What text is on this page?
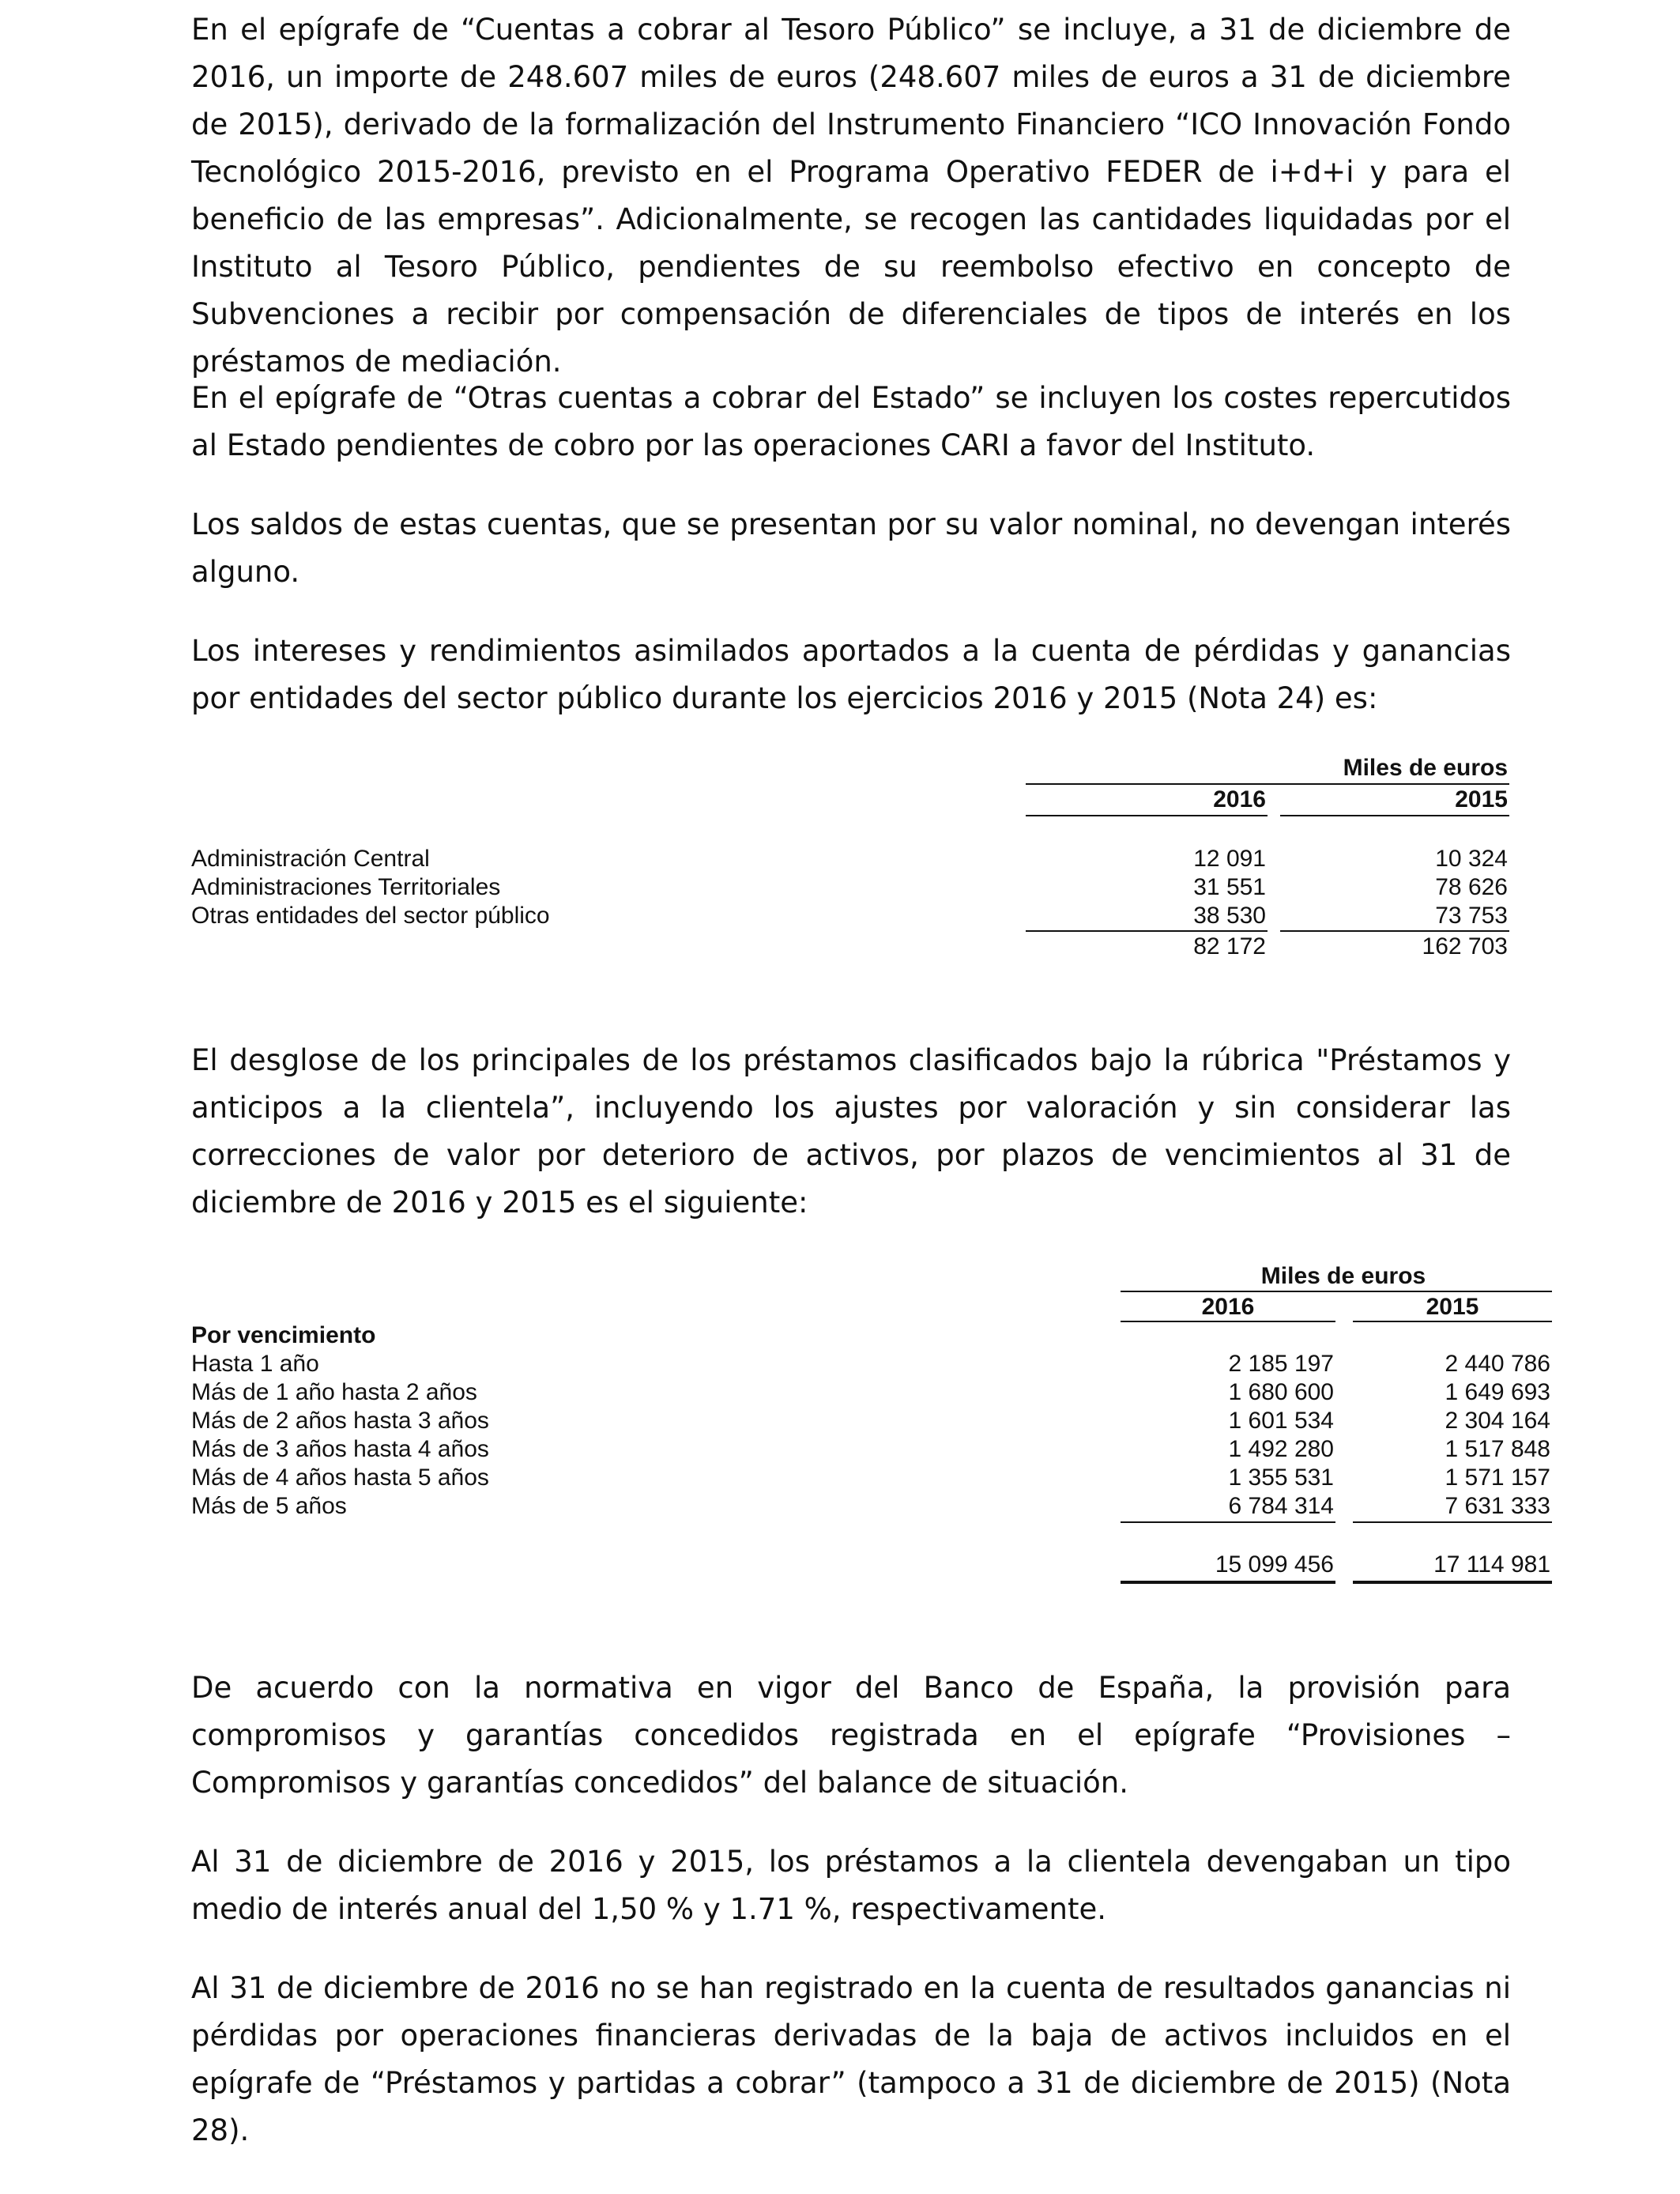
En el epígrafe de “Cuentas a cobrar al Tesoro Público” se incluye, a 31 de diciembre de 2016, un importe de 248.607 miles de euros (248.607 miles de euros a 31 de diciembre de 2015), derivado de la formalización del Instrumento Financiero “ICO Innovación Fondo Tecnológico 2015-2016, previsto en el Programa Operativo FEDER de i+d+i y para el beneficio de las empresas”. Adicionalmente, se recogen las cantidades liquidadas por el Instituto al Tesoro Público, pendientes de su reembolso efectivo en concepto de Subvenciones a recibir por compensación de diferenciales de tipos de interés en los préstamos de mediación.

En el epígrafe de “Otras cuentas a cobrar del Estado” se incluyen los costes repercutidos al Estado pendientes de cobro por las operaciones CARI a favor del Instituto.

Los saldos de estas cuentas, que se presentan por su valor nominal, no devengan interés alguno.

Los intereses y rendimientos asimilados aportados a la cuenta de pérdidas y ganancias por entidades del sector público durante los ejercicios 2016 y 2015 (Nota 24) es:

Miles de euros
2016	2015
Administración Central	12 091	10 324
Administraciones Territoriales	31 551	78 626
Otras entidades del sector público	38 530	73 753
82 172	162 703

El desglose de los principales de los préstamos clasificados bajo la rúbrica "Préstamos y anticipos a la clientela”, incluyendo los ajustes por valoración y sin considerar las correcciones de valor por deterioro de activos, por plazos de vencimientos al 31 de diciembre de 2016 y 2015 es el siguiente:

Miles de euros
2016	2015
Por vencimiento
Hasta 1 año	2 185 197	2 440 786
Más de 1 año hasta 2 años	1 680 600	1 649 693
Más de 2 años hasta 3 años	1 601 534	2 304 164
Más de 3 años hasta 4 años	1 492 280	1 517 848
Más de 4 años hasta 5 años	1 355 531	1 571 157
Más de 5 años	6 784 314	7 631 333
15 099 456	17 114 981

De acuerdo con la normativa en vigor del Banco de España, la provisión para compromisos y garantías concedidos registrada en el epígrafe “Provisiones – Compromisos y garantías concedidos” del balance de situación.

Al 31 de diciembre de 2016 y 2015, los préstamos a la clientela devengaban un tipo medio de interés anual del 1,50 % y 1.71 %, respectivamente.

Al 31 de diciembre de 2016 no se han registrado en la cuenta de resultados ganancias ni pérdidas por operaciones financieras derivadas de la baja de activos incluidos en el epígrafe de “Préstamos y partidas a cobrar” (tampoco a 31 de diciembre de 2015) (Nota 28).
